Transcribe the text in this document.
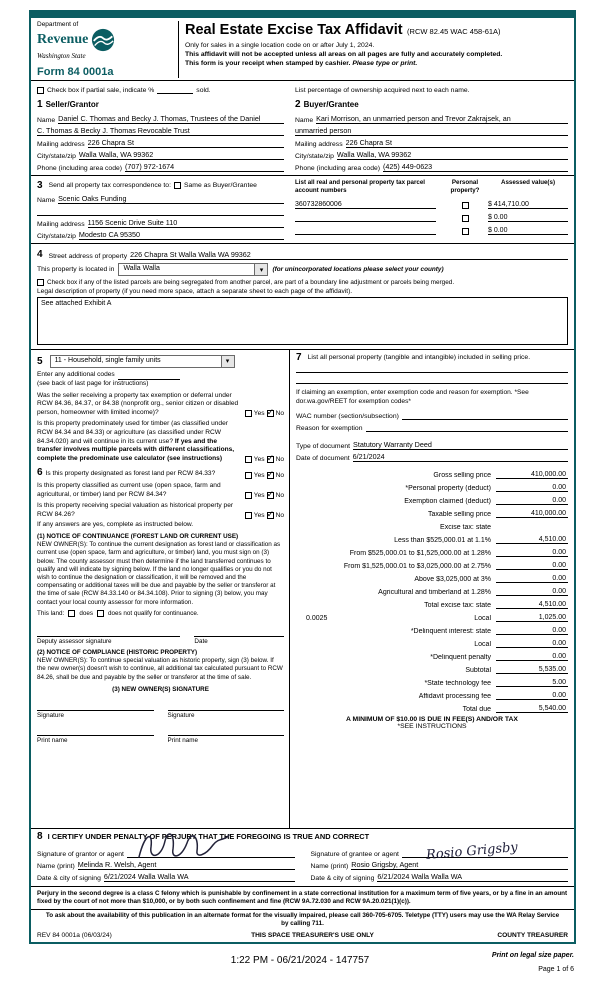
Department of
Revenue
Washington State
Form 84 0001a
Real Estate Excise Tax Affidavit (RCW 82.45 WAC 458-61A)
Only for sales in a single location code on or after July 1, 2024.
This affidavit will not be accepted unless all areas on all pages are fully and accurately completed.
This form is your receipt when stamped by cashier. Please type or print.
Check box if partial sale, indicate %	sold.	List percentage of ownership acquired next to each name.
1 Seller/Grantor
Name Daniel C. Thomas and Becky J. Thomas, Trustees of the Daniel
C. Thomas & Becky J. Thomas Revocable Trust
Mailing address 226 Chapra St
City/state/zip Walla Walla, WA 99362
Phone (including area code) (707) 972-1674
2 Buyer/Grantee
Name Kari Morrison, an unmarried person and Trevor Zakrajsek, an
unmarried person
Mailing address 226 Chapra St
City/state/zip Walla Walla, WA 99362
Phone (including area code) (425) 449-0623
3 Send all property tax correspondence to: Same as Buyer/Grantee
Name Scenic Oaks Funding
Mailing address 1156 Scenic Drive Suite 110
City/state/zip Modesto CA 95350
List all real and personal property tax parcel account numbers
Personal property?
Assessed value(s)
360732860006	$ 414,710.00
$ 0.00
$ 0.00
4 Street address of property 226 Chapra St Walla Walla WA 99362
This property is located in	Walla Walla ▾	(for unincorporated locations please select your county)
Check box if any of the listed parcels are being segregated from another parcel, are part of a boundary line adjustment or parcels being merged.
Legal description of property (if you need more space, attach a separate sheet to each page of the affidavit).
See attached Exhibit A
5	11 - Household, single family units
▾
Enter any additional codes
(see back of last page for instructions)
Was the seller receiving a property tax exemption or deferral under RCW 84.36, 84.37, or 84.38 (nonprofit org., senior citizen or disabled person, homeowner with limited income)?	Yes ✓ No
Is this property predominately used for timber (as classified under RCW 84.34 and 84.33) or agriculture (as classified under RCW 84.34.020) and will continue in its current use? If yes and the transfer involves multiple parcels with different classifications, complete the predominate use calculator (see instructions)	Yes ✓ No
6 Is this property designated as forest land per RCW 84.33?	Yes ✓ No
Is this property classified as current use (open space, farm and agricultural, or timber) land per RCW 84.34?	Yes ✓ No
Is this property receiving special valuation as historical property per RCW 84.26?	Yes ✓ No
If any answers are yes, complete as instructed below.
(1) NOTICE OF CONTINUANCE (FOREST LAND OR CURRENT USE)
NEW OWNER(S): To continue the current designation as forest land or classification as current use (open space, farm and agriculture, or timber) land, you must sign on (3) below. The county assessor must then determine if the land transferred continues to qualify and will indicate by signing below. If the land no longer qualifies or you do not wish to continue the designation or classification, it will be removed and the compensating or additional taxes will be due and payable by the seller or transferor at the time of sale (RCW 84.33.140 or 84.34.108). Prior to signing (3) below, you may contact your local county assessor for more information.
This land: does does not qualify for continuance.
Deputy assessor signature	Date
(2) NOTICE OF COMPLIANCE (HISTORIC PROPERTY)
NEW OWNER(S): To continue special valuation as historic property, sign (3) below. If the new owner(s) doesn't wish to continue, all additional tax calculated pursuant to RCW 84.26, shall be due and payable by the seller or transferor at the time of sale.
(3) NEW OWNER(S) SIGNATURE
Signature	Signature
Print name	Print name
7 List all personal property (tangible and intangible) included in selling price.
If claiming an exemption, enter exemption code and reason for exemption. *See dor.wa.gov/REET for exemption codes*
WAC number (section/subsection)
Reason for exemption
Type of document Statutory Warranty Deed
Date of document 6/21/2024
Gross selling price	410,000.00
*Personal property (deduct)	0.00
Exemption claimed (deduct)	0.00
Taxable selling price	410,000.00
Excise tax: state
Less than $525,000.01 at 1.1%	4,510.00
From $525,000.01 to $1,525,000.00 at 1.28%	0.00
From $1,525,000.01 to $3,025,000.00 at 2.75%	0.00
Above $3,025,000 at 3%	0.00
Agricultural and timberland at 1.28%	0.00
Total excise tax: state	4,510.00
0.0025	Local	1,025.00
*Delinquent interest: state	0.00
Local	0.00
*Delinquent penalty	0.00
Subtotal	5,535.00
*State technology fee	5.00
Affidavit processing fee	0.00
Total due	5,540.00
A MINIMUM OF $10.00 IS DUE IN FEE(S) AND/OR TAX
*SEE INSTRUCTIONS
8 I CERTIFY UNDER PENALTY OF PERJURY THAT THE FOREGOING IS TRUE AND CORRECT
Signature of grantor or agent
Name (print) Melinda R. Welsh, Agent
Date & city of signing 6/21/2024 Walla Walla WA
Signature of grantee or agent Rosio Grigsby
Name (print) Rosio Grigsby, Agent
Date & city of signing 6/21/2024 Walla Walla WA
Perjury in the second degree is a class C felony which is punishable by confinement in a state correctional institution for a maximum term of five years, or by a fine in an amount fixed by the court of not more than $10,000, or by both such confinement and fine (RCW 9A.72.030 and RCW 9A.20.021(1)(c)).
To ask about the availability of this publication in an alternate format for the visually impaired, please call 360-705-6705. Teletype (TTY) users may use the WA Relay Service by calling 711.
REV 84 0001a (06/03/24)	THIS SPACE TREASURER'S USE ONLY	COUNTY TREASURER
Print on legal size paper.
1:22 PM - 06/21/2024 - 147757
Page 1 of 6
